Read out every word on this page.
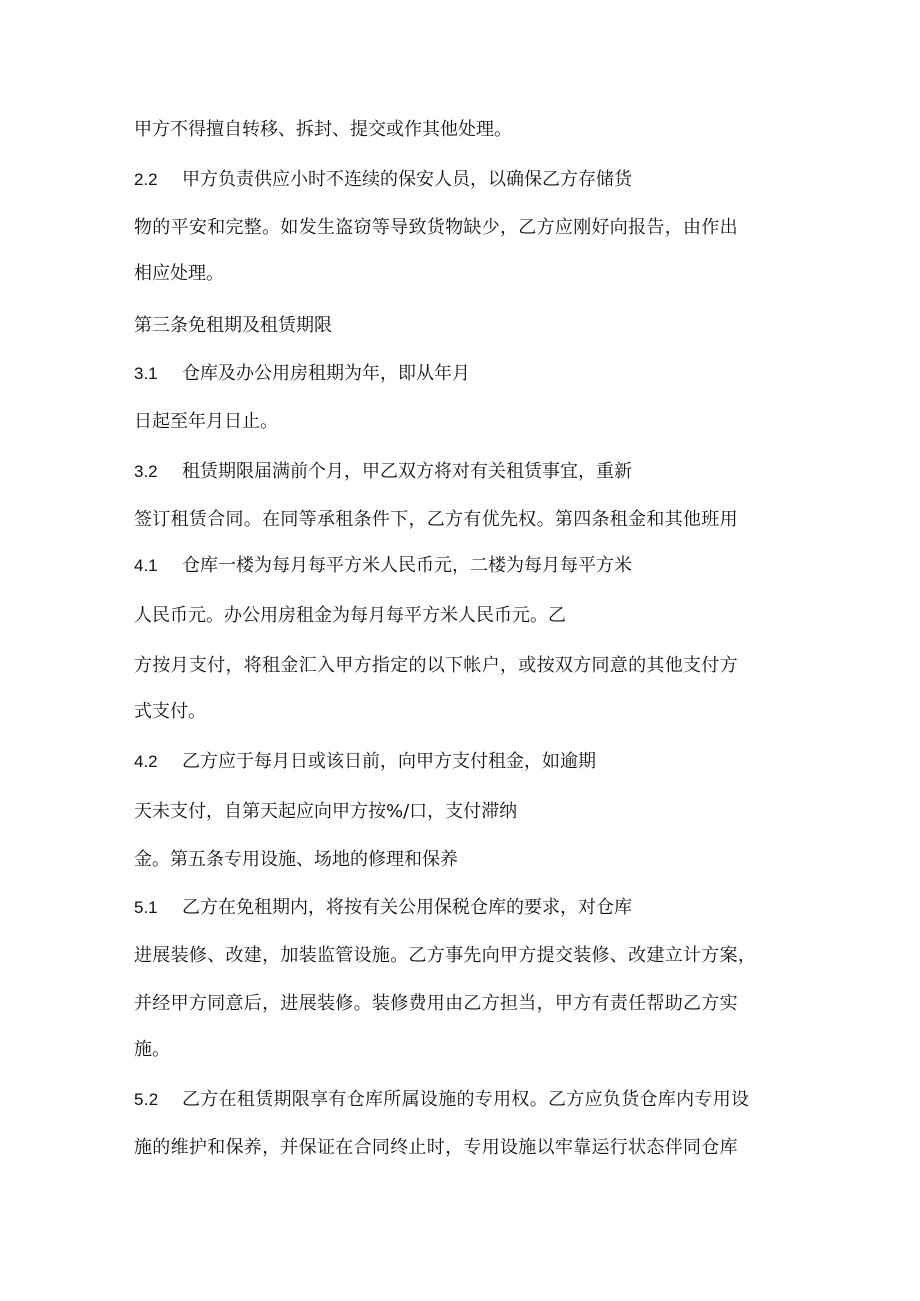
甲方不得擅自转移、拆封、提交或作其他处理。
2.2 甲方负责供应小时不连续的保安人员，以确保乙方存储货
物的平安和完整。如发生盗窃等导致货物缺少，乙方应刚好向报告，由作出
相应处理。
第三条免租期及租赁期限
3.1 仓库及办公用房租期为年，即从年月
日起至年月日止。
3.2 租赁期限届满前个月，甲乙双方将对有关租赁事宜，重新
签订租赁合同。在同等承租条件下，乙方有优先权。第四条租金和其他班用
4.1 仓库一楼为每月每平方米人民币元，二楼为每月每平方米
人民币元。办公用房租金为每月每平方米人民币元。乙
方按月支付，将租金汇入甲方指定的以下帐户，或按双方同意的其他支付方
式支付。
4.2 乙方应于每月日或该日前，向甲方支付租金，如逾期
天未支付，自第天起应向甲方按%/口，支付滞纳
金。第五条专用设施、场地的修理和保养
5.1 乙方在免租期内，将按有关公用保税仓库的要求，对仓库
进展装修、改建，加装监管设施。乙方事先向甲方提交装修、改建立计方案，
并经甲方同意后，进展装修。装修费用由乙方担当，甲方有责任帮助乙方实
施。
5.2 乙方在租赁期限享有仓库所属设施的专用权。乙方应负货仓库内专用设
施的维护和保养，并保证在合同终止时，专用设施以牢靠运行状态伴同仓库
